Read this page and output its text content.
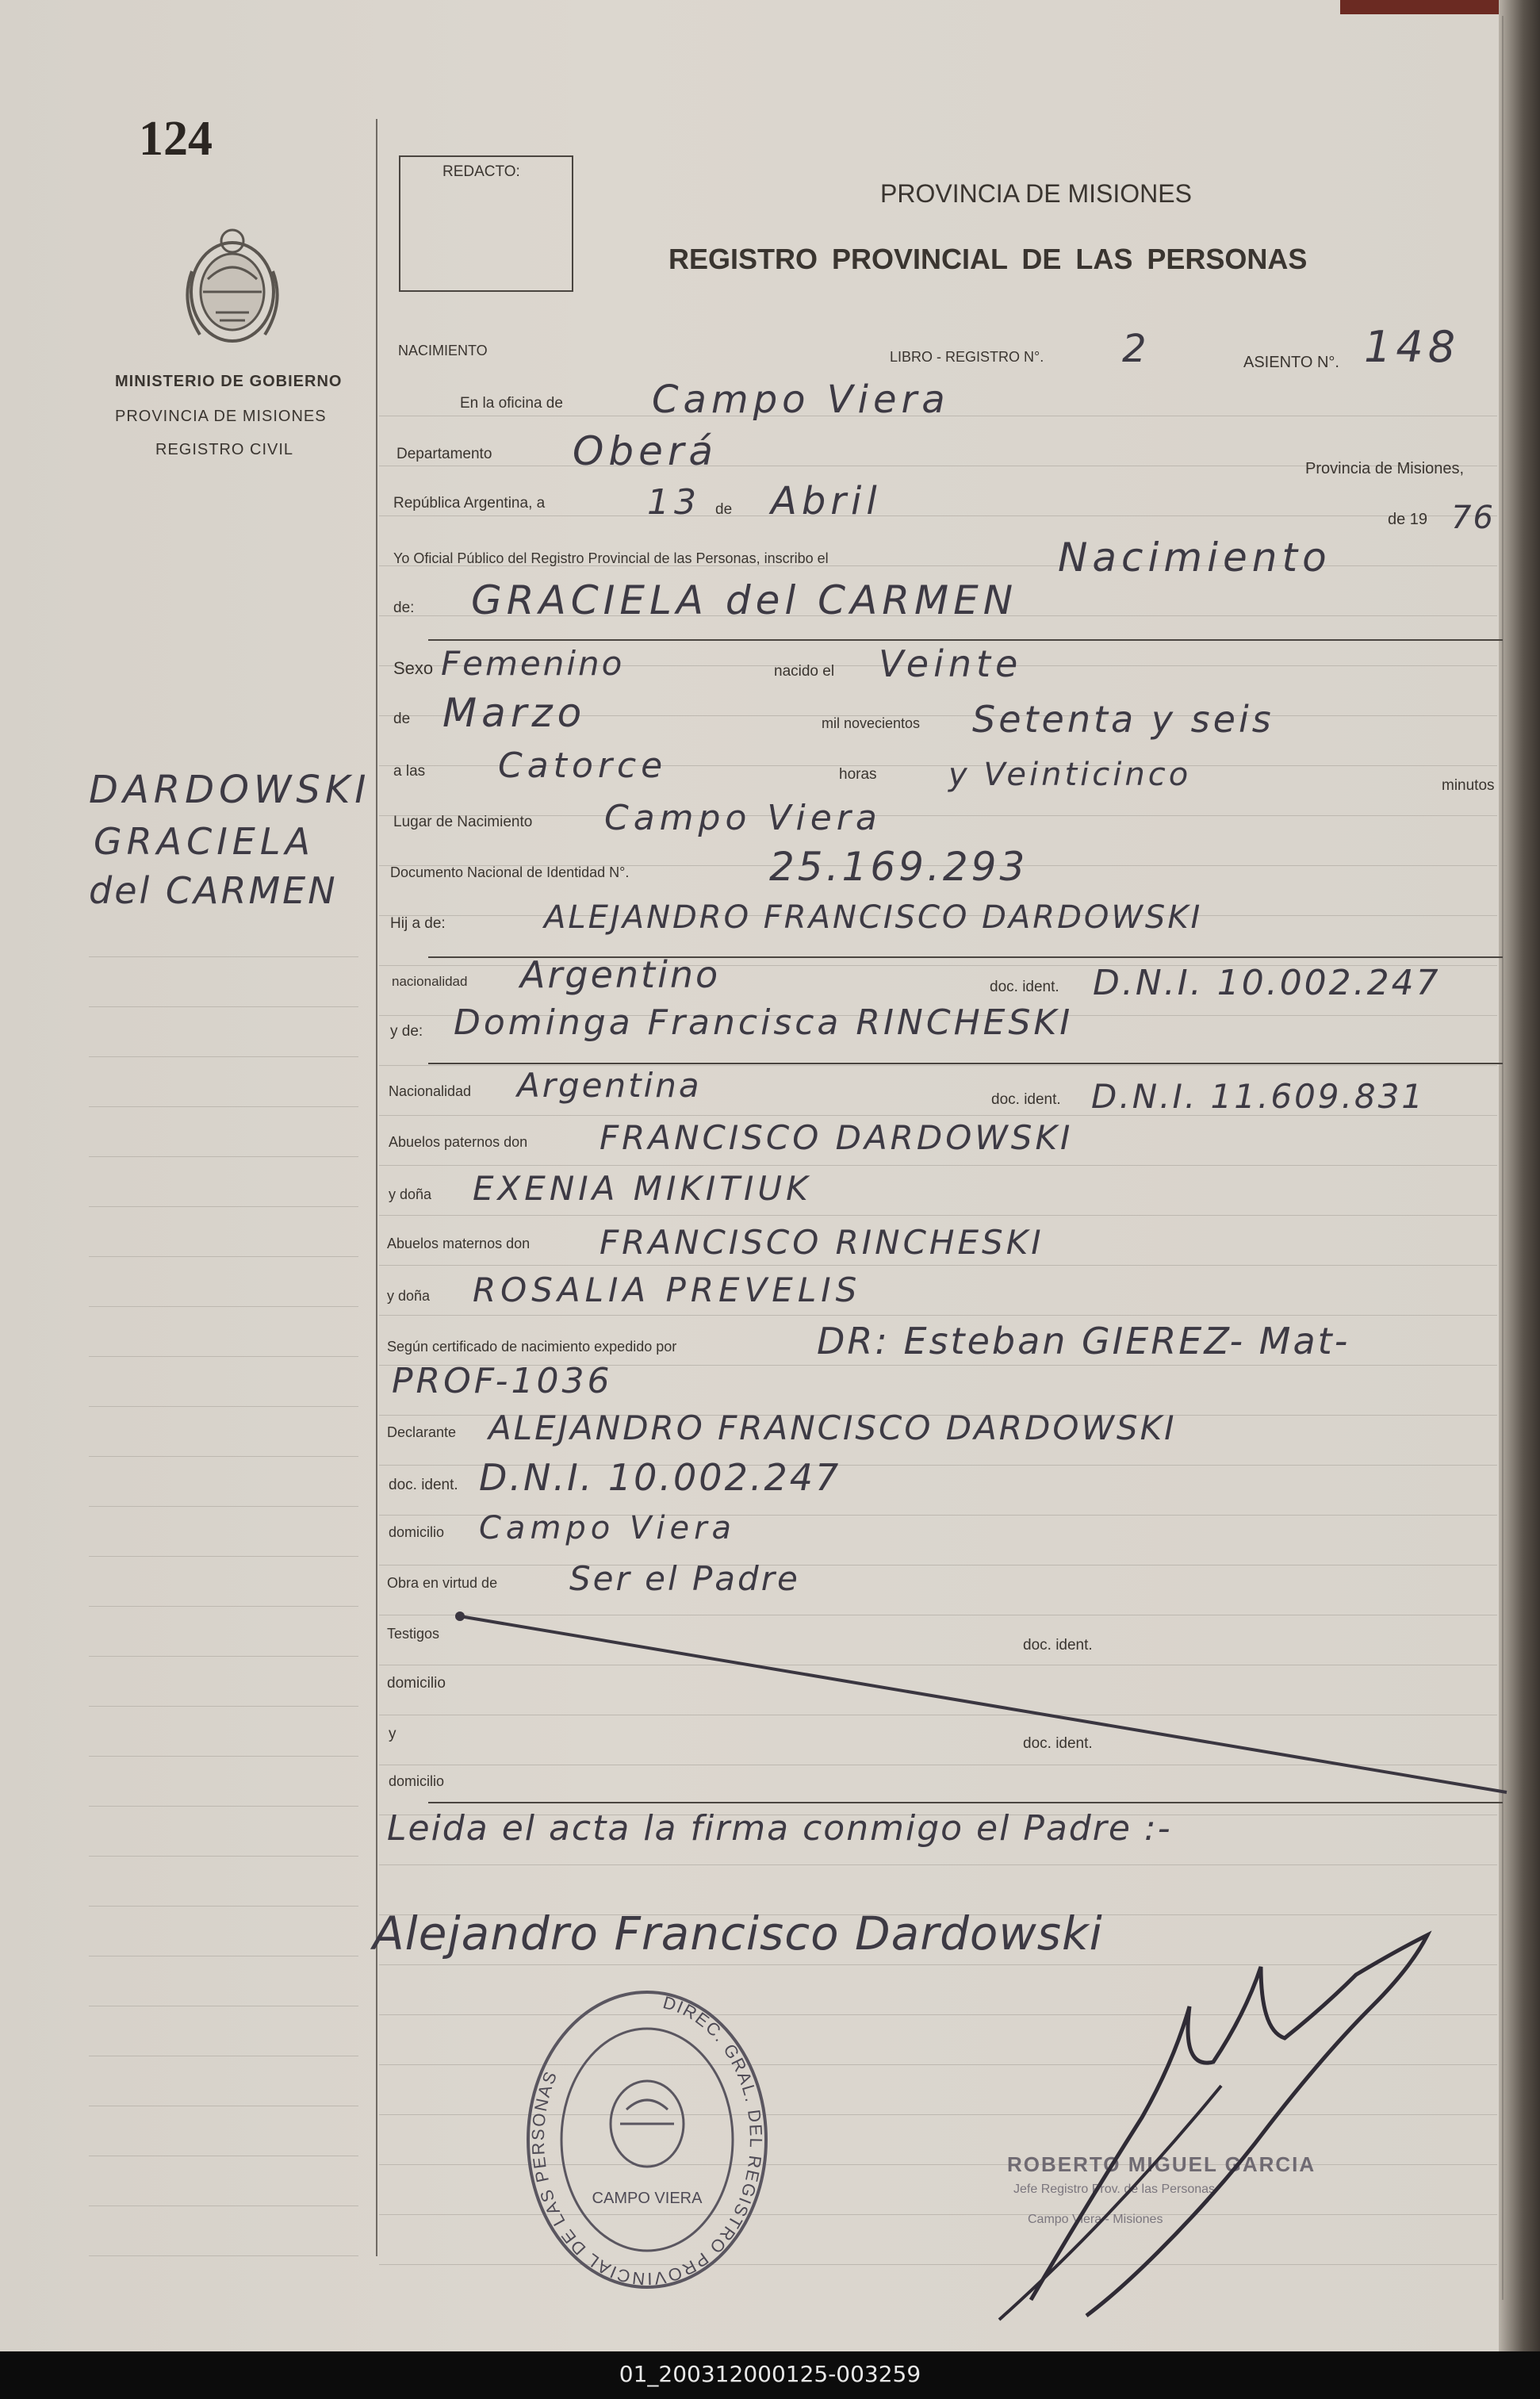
124
MINISTERIO DE GOBIERNO
PROVINCIA DE MISIONES
REGISTRO CIVIL
DARDOWSKI
GRACIELA
del CARMEN
REDACTO:
PROVINCIA DE MISIONES
REGISTRO PROVINCIAL DE LAS PERSONAS
NACIMIENTO	LIBRO - REGISTRO N°. 2	ASIENTO N°. 148
En la oficina de Campo Viera
Departamento Oberá	Provincia de Misiones,
República Argentina, a	13 de Abril	de 19 76
Yo Oficial Público del Registro Provincial de las Personas, inscribo el	Nacimiento
de: GRACIELA del CARMEN
Sexo Femenino	nacido el Veinte
de Marzo	mil novecientos Setenta y seis
a las Catorce	horas y Veinticinco	minutos
Lugar de Nacimiento Campo Viera
Documento Nacional de Identidad N°.	25.169.293
Hij a de:	ALEJANDRO FRANCISCO DARDOWSKI
nacionalidad Argentino	doc. ident. D.N.I. 10.002.247
y de: Dominga Francisca RINCHESKI
Nacionalidad Argentina	doc. ident. D.N.I. 11.609.831
Abuelos paternos don FRANCISCO DARDOWSKI
y doña EXENIA MIKITIUK
Abuelos maternos don FRANCISCO RINCHESKI
y doña ROSALIA PREVELIS
Según certificado de nacimiento expedido por	DR: Esteban GIEREZ- Mat-
PROF-1036
Declarante ALEJANDRO FRANCISCO DARDOWSKI
doc. ident. D.N.I. 10.002.247
domicilio Campo Viera
Obra en virtud de Ser el Padre
Testigos
doc. ident.
domicilio
y
doc. ident.
domicilio
Leida el acta la firma conmigo el Padre :-
Alejandro Francisco Dardowski
DIREC. GRAL. DEL REGISTRO PROVINCIAL DE LAS PERSONAS
CAMPO VIERA
ROBERTO MIGUEL GARCIA
Jefe Registro Prov. de las Personas
Campo Viera - Misiones
01_200312000125-003259
